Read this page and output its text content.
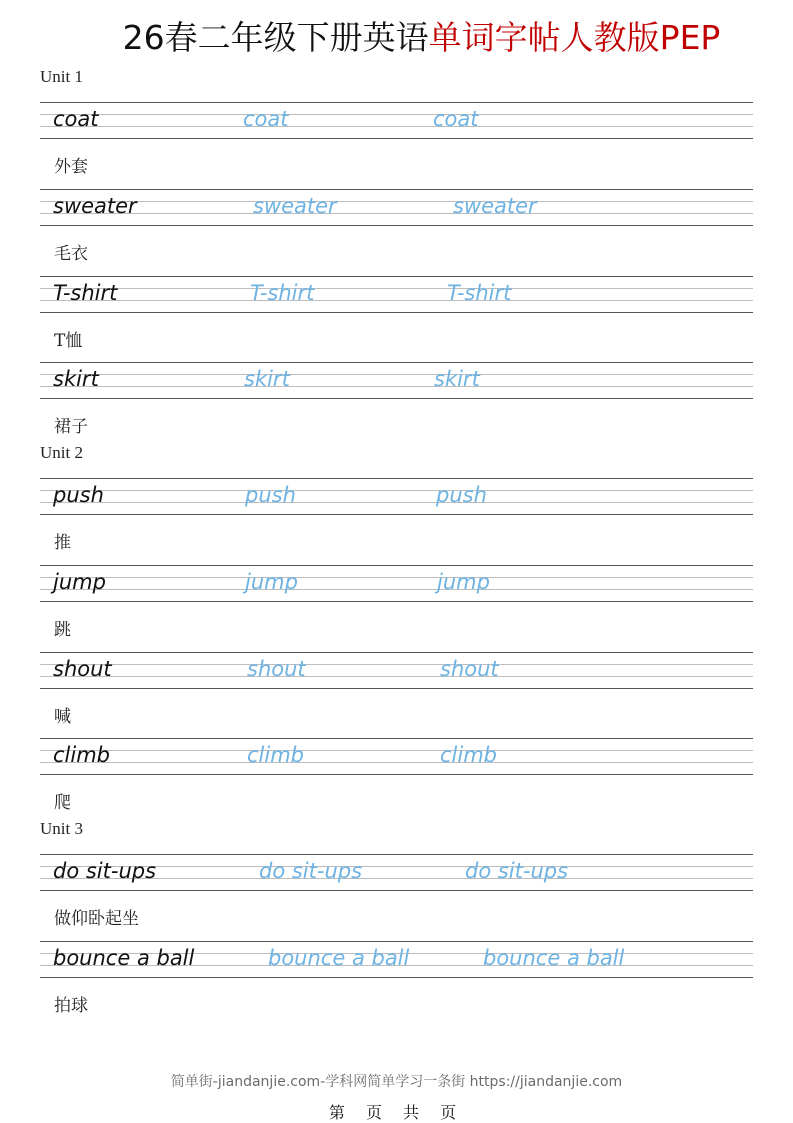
26春二年级下册英语单词字帖人教版PEP
Unit 1
coat	coat	coat
外套
sweater	sweater	sweater
毛衣
T-shirt	T-shirt	T-shirt
T恤
skirt	skirt	skirt
裙子
Unit 2
push	push	push
推
jump	jump	jump
跳
shout	shout	shout
喊
climb	climb	climb
爬
Unit 3
do sit-ups	do sit-ups	do sit-ups
做仰卧起坐
bounce a ball	bounce a ball	bounce a ball
拍球
简单街-jiandanjie.com-学科网简单学习一条街 https://jiandanjie.com
第 页 共 页
